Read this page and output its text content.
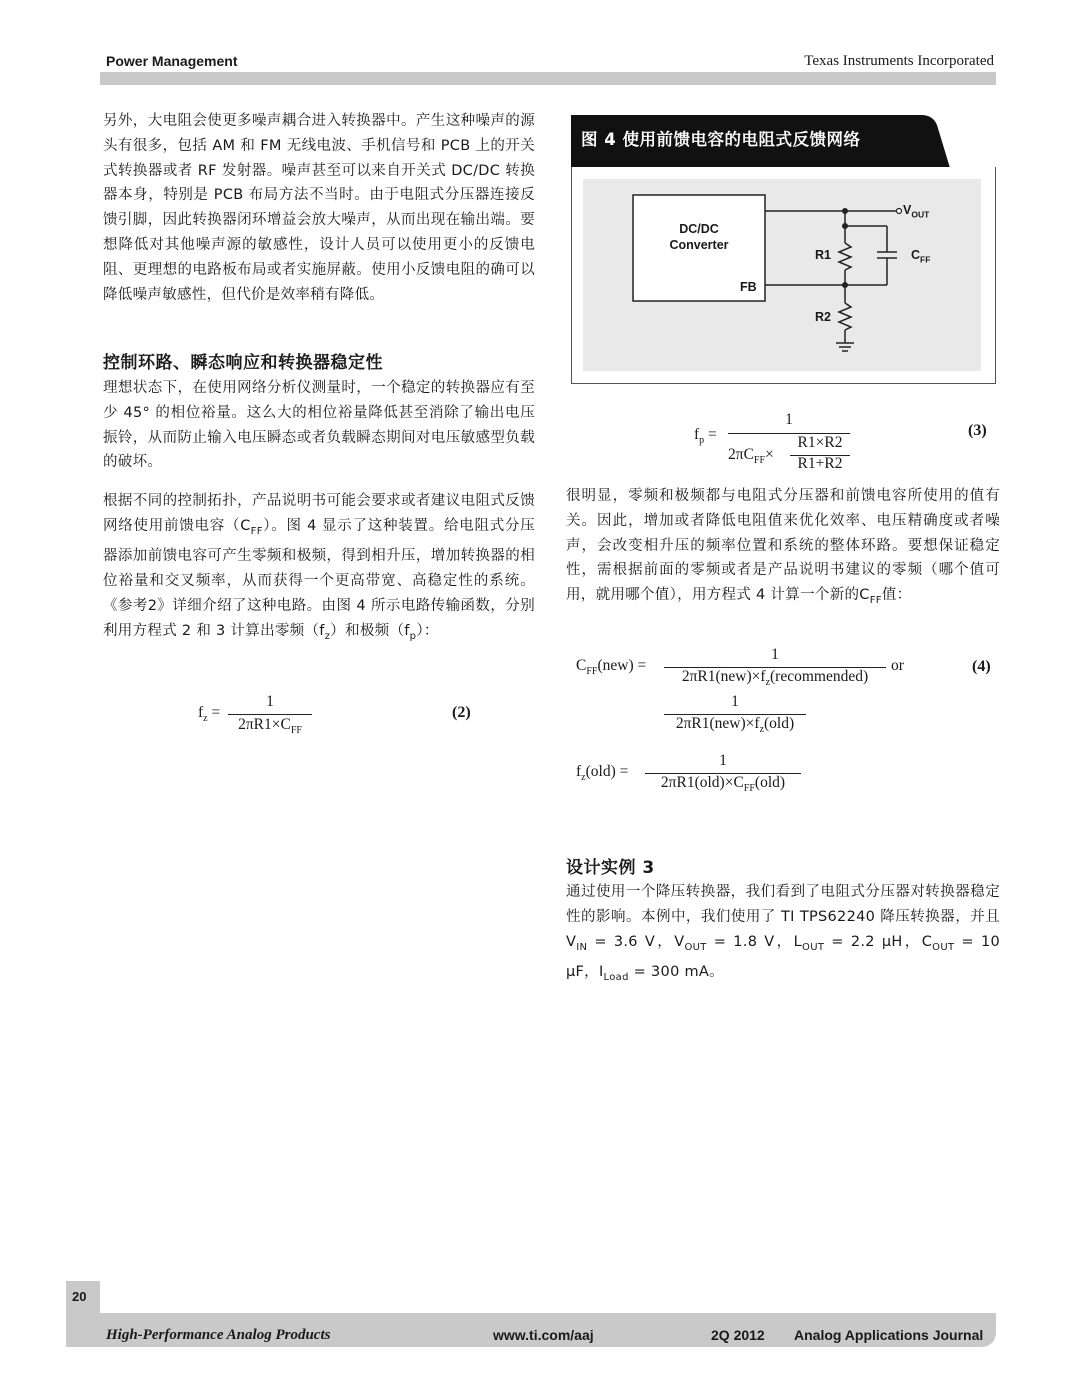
Power Management	Texas Instruments Incorporated
另外，大电阻会使更多噪声耦合进入转换器中。产生这种噪声的源头有很多，包括 AM 和 FM 无线电波、手机信号和 PCB 上的开关式转换器或者 RF 发射器。噪声甚至可以来自开关式 DC/DC 转换器本身，特别是 PCB 布局方法不当时。由于电阻式分压器连接反馈引脚，因此转换器闭环增益会放大噪声，从而出现在输出端。要想降低对其他噪声源的敏感性，设计人员可以使用更小的反馈电阻、更理想的电路板布局或者实施屏蔽。使用小反馈电阻的确可以降低噪声敏感性，但代价是效率稍有降低。
控制环路、瞬态响应和转换器稳定性
理想状态下，在使用网络分析仪测量时，一个稳定的转换器应有至少 45° 的相位裕量。这么大的相位裕量降低甚至消除了输出电压振铃，从而防止输入电压瞬态或者负载瞬态期间对电压敏感型负载的破坏。
根据不同的控制拓扑，产品说明书可能会要求或者建议电阻式反馈网络使用前馈电容$(C_{FF})$。图 4 显示了这种装置。给电阻式分压器添加前馈电容可产生零频和极频，得到相升压，增加转换器的相位裕量和交叉频率，从而获得一个更高带宽、高稳定性的系统。《参考2》详细介绍了这种电路。由图 4 所示电路传输函数，分别利用方程式 2 和 3 计算出零频$(f_z)$和极频$(f_p)$：
$f_z$ =
1
$2\pi R1\times C_{FF}$
(2)
图 4 使用前馈电容的电阻式反馈网络
DC/DC
Converter
FB
R1
R2
$V_{OUT}$
$C_{FF}$
$f_p$ =
1
$2\pi C_{FF}\times$
R1×R2
R1+R2
(3)
很明显，零频和极频都与电阻式分压器和前馈电容所使用的值有关。因此，增加或者降低电阻值来优化效率、电压精确度或者噪声，会改变相升压的频率位置和系统的整体环路。要想保证稳定性，需根据前面的零频或者是产品说明书建议的零频（哪个值可用，就用哪个值），用方程式 4 计算一个新的$C_{FF}$值：
$C_{FF}(new)$ =
1
$2\pi R1(new)\times f_z(recommended)$
or	(4)
1
$2\pi R1(new)\times f_z(old)$
$f_z(old)$ =
1
$2\pi R1(old)\times C_{FF}(old)$
设计实例 3
通过使用一个降压转换器，我们看到了电阻式分压器对转换器稳定性的影响。本例中，我们使用了 TI TPS62240 降压转换器，并且 $V_{IN} = 3.6$ V，$V_{OUT} = 1.8$ V，$L_{OUT} = 2.2$ μH，$C_{OUT} = 10$ μF，$I_{Load} = 300$ mA。
20
High-Performance Analog Products	www.ti.com/aaj	2Q 2012 Analog Applications Journal
